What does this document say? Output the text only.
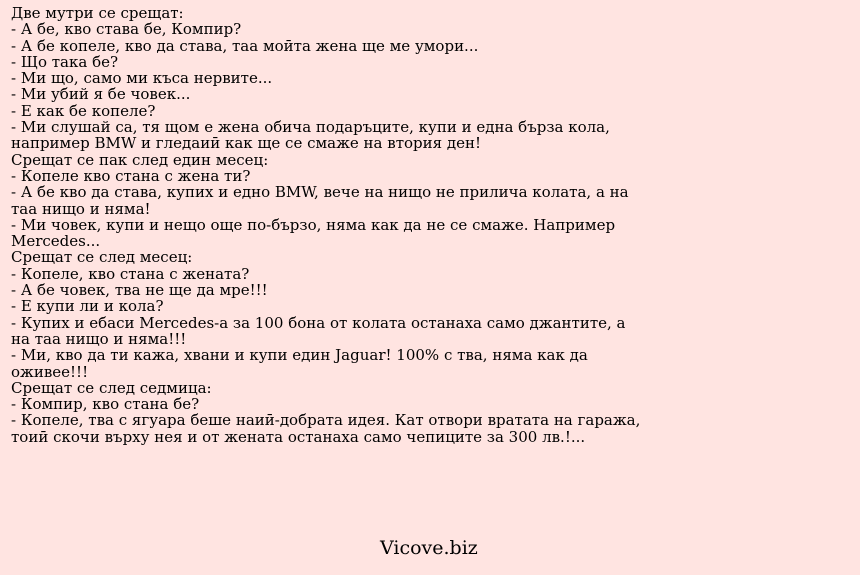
Две мутри се срещат:
- А бе, кво става бе, Компир?
- А бе копеле, кво да става, таа моӣта жена ще ме умори...
- Що така бе?
- Ми що, само ми къса нервите...
- Ми убий я бе човек...
- Е как бе копеле?
- Ми слушай са, тя щом е жена обича подаръците, купи и една бърза кола,
например BMW и гледаиӣ как ще се смаже на втория ден!
Срещат се пак след един месец:
- Копеле кво стана с жена ти?
- А бе кво да става, купих и едно BMW, вече на нищо не прилича колата, а на
таа нищо и няма!
- Ми човек, купи и нещо още по-бързо, няма как да не се смаже. Например
Mercedes...
Срещат се след месец:
- Копеле, кво стана с жената?
- А бе човек, тва не ще да мре!!!
- Е купи ли и кола?
- Купих и ебаси Mercedes-а за 100 бона от колата останаха само джантите, а
на таа нищо и няма!!!
- Ми, кво да ти кажа, хвани и купи един Jaguar! 100% с тва, няма как да
оживее!!!
Срещат се след седмица:
- Компир, кво стана бе?
- Копеле, тва с ягуара беше наиӣ-добрата идея. Кат отвори вратата на гаража,
тоиӣ скочи върху нея и от жената останаха само чепиците за 300 лв.!...
Vicove.biz
